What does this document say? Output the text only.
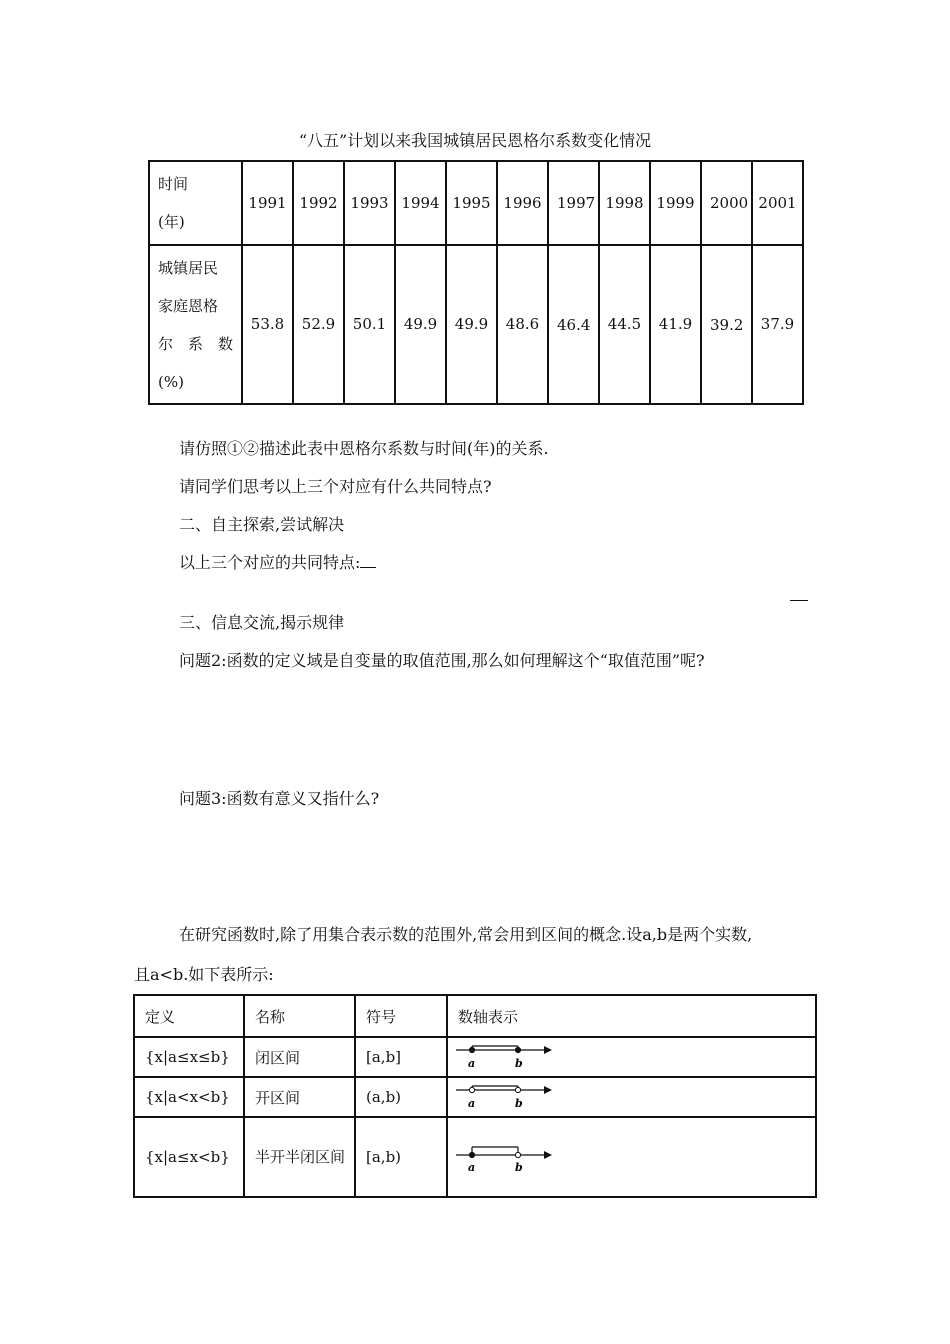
“八五”计划以来我国城镇居民恩格尔系数变化情况
时间
(年)	1991	1992	1993	1994	1995	1996	1997	1998	1999	2000	2001

城镇居民
家庭恩格
尔　系　数
(%)	53.8	52.9	50.1	49.9	49.9	48.6	46.4	44.5	41.9	39.2	37.9
请仿照①②描述此表中恩格尔系数与时间(年)的关系.
请同学们思考以上三个对应有什么共同特点?
二、自主探索,尝试解决
以上三个对应的共同特点:
三、信息交流,揭示规律
问题2:函数的定义域是自变量的取值范围,那么如何理解这个“取值范围”呢?
问题3:函数有意义又指什么?
在研究函数时,除了用集合表示数的范围外,常会用到区间的概念.设a,b是两个实数,
且a<b.如下表所示:
定义	名称	符号	数轴表示
{x|a≤x≤b}	闭区间	[a,b]	a b

{x|a<x<b}	开区间	(a,b)	a b

{x|a≤x<b}	半开半闭区间	[a,b)	a b
